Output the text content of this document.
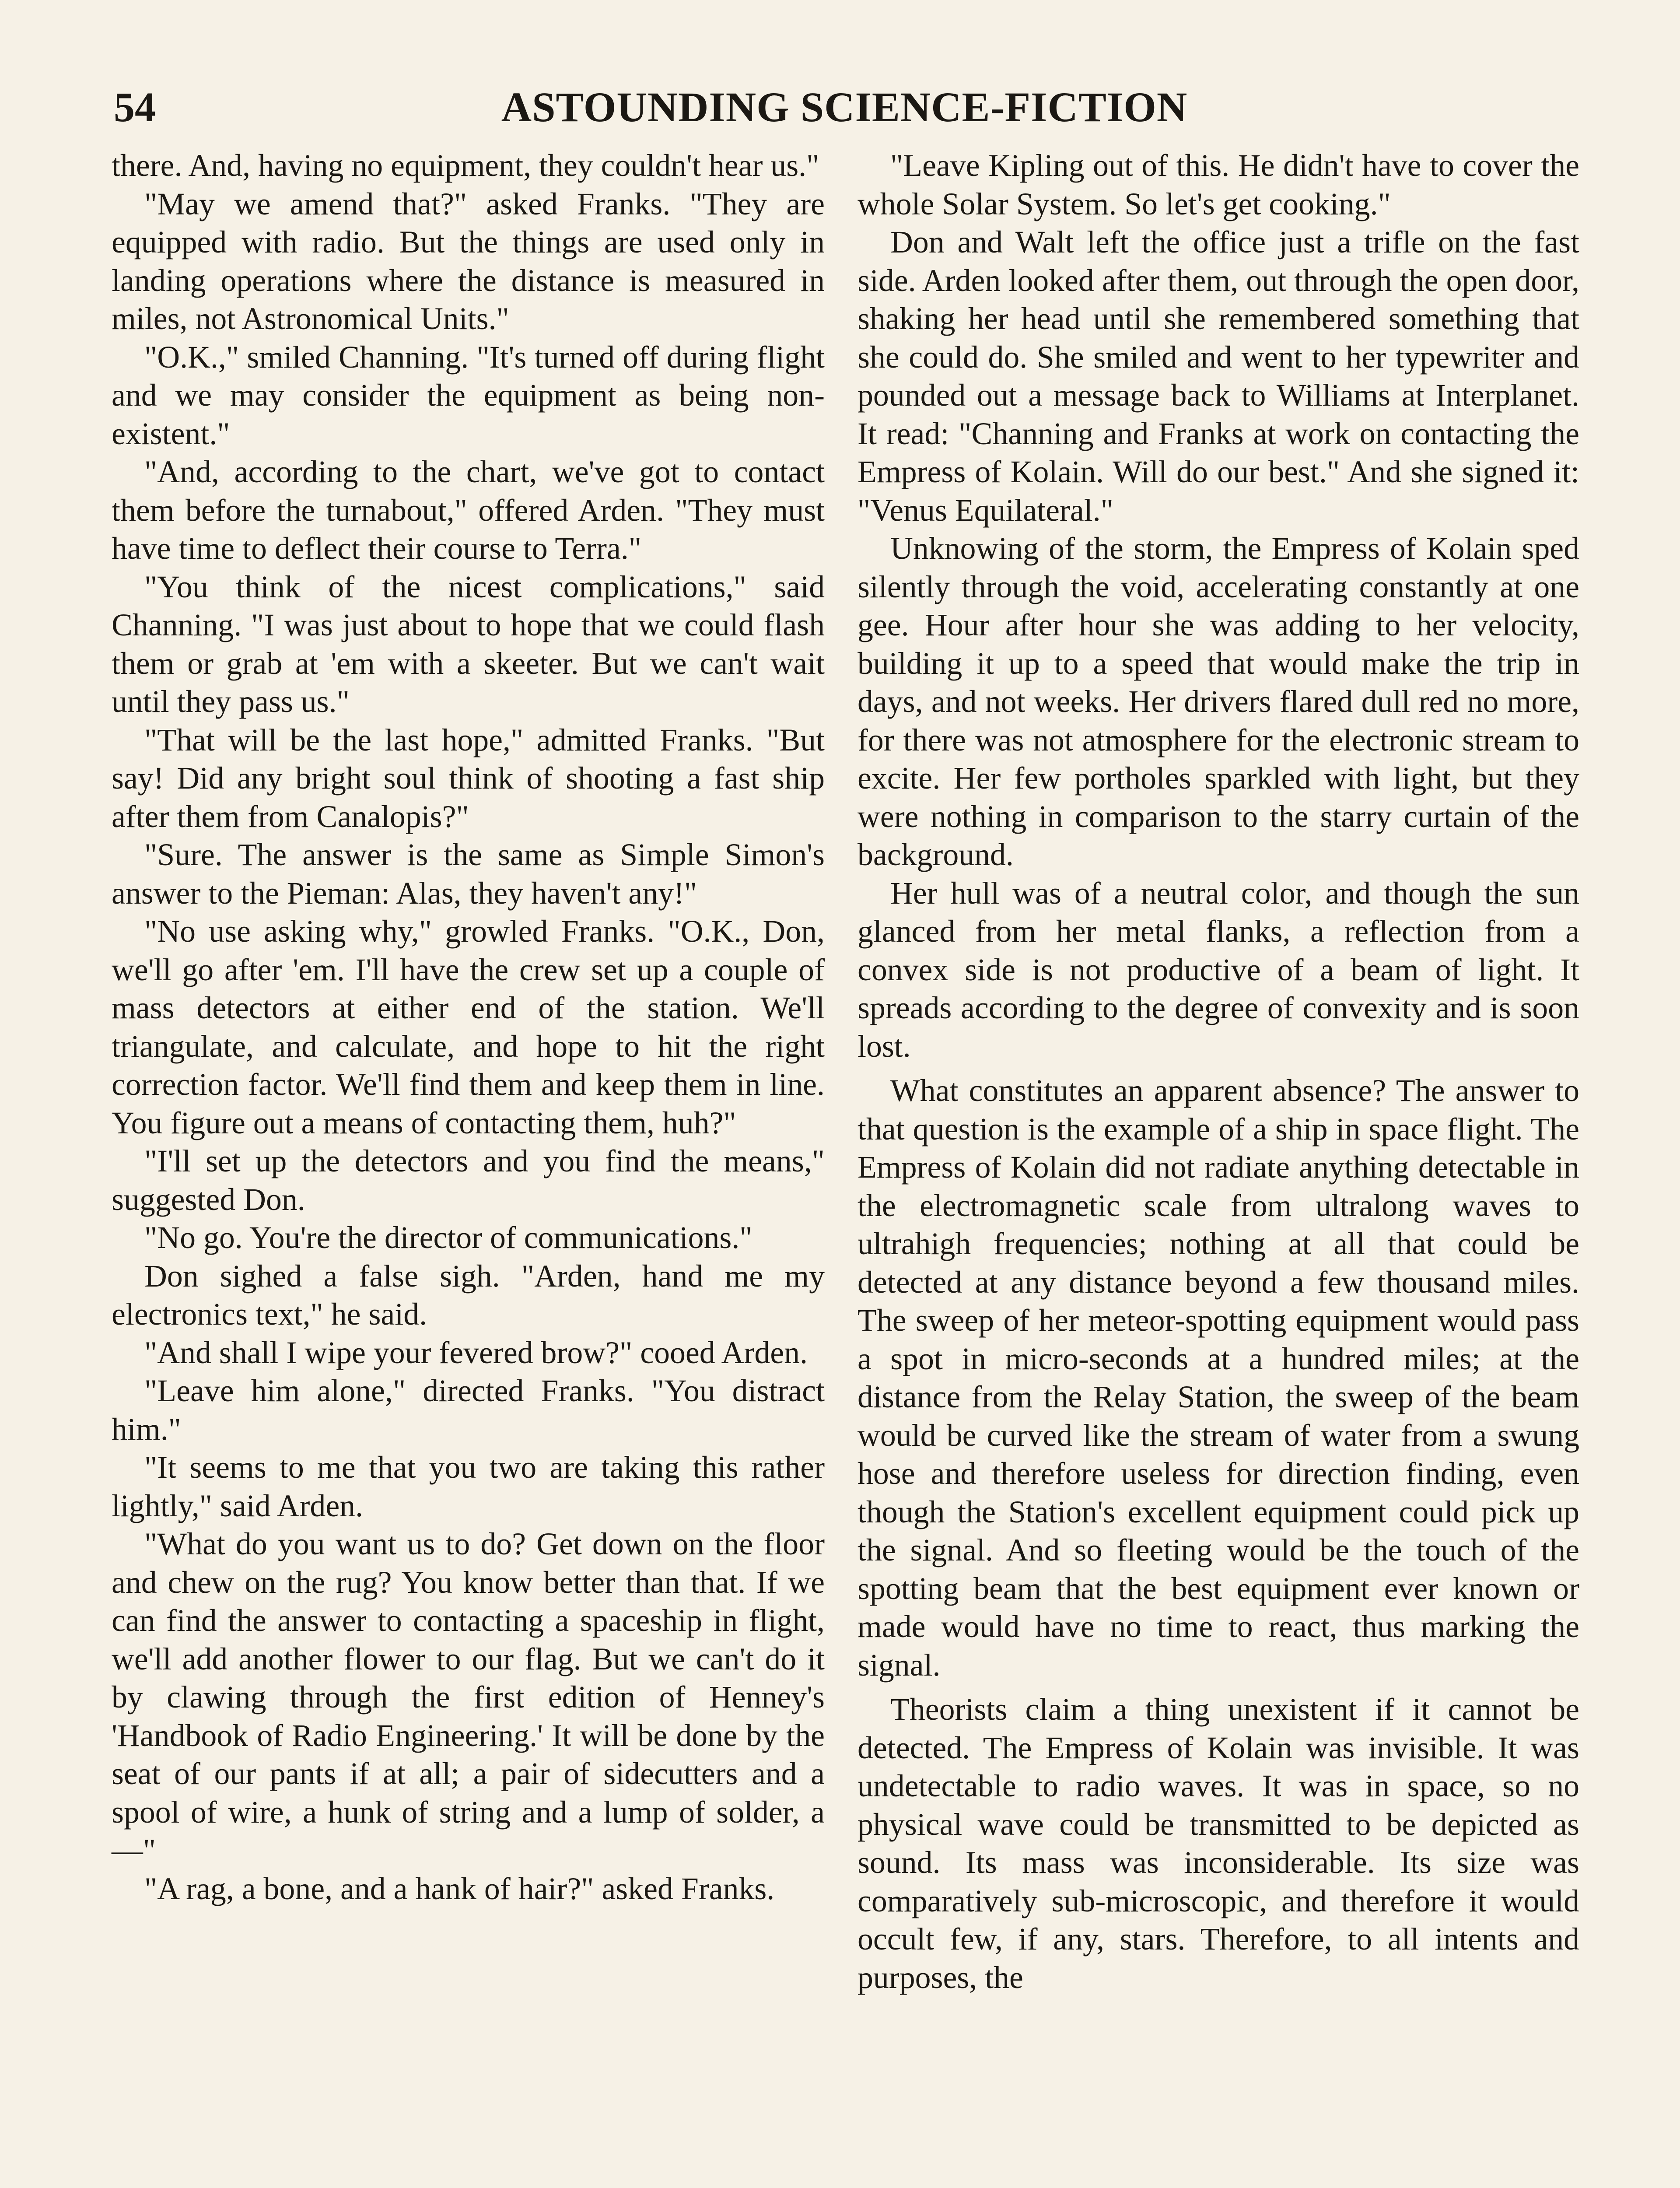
54	ASTOUNDING SCIENCE-FICTION

there. And, having no equipment, they couldn't hear us."

"May we amend that?" asked Franks. "They are equipped with radio. But the things are used only in landing operations where the distance is measured in miles, not Astronomical Units."

"O.K.," smiled Channing. "It's turned off during flight and we may consider the equipment as being non-existent."

"And, according to the chart, we've got to contact them before the turnabout," offered Arden. "They must have time to deflect their course to Terra."

"You think of the nicest complications," said Channing. "I was just about to hope that we could flash them or grab at 'em with a skeeter. But we can't wait until they pass us."

"That will be the last hope," admitted Franks. "But say! Did any bright soul think of shooting a fast ship after them from Canalopis?"

"Sure. The answer is the same as Simple Simon's answer to the Pieman: Alas, they haven't any!"

"No use asking why," growled Franks. "O.K., Don, we'll go after 'em. I'll have the crew set up a couple of mass detectors at either end of the station. We'll triangulate, and calculate, and hope to hit the right correction factor. We'll find them and keep them in line. You figure out a means of contacting them, huh?"

"I'll set up the detectors and you find the means," suggested Don.

"No go. You're the director of communications."

Don sighed a false sigh. "Arden, hand me my electronics text," he said.

"And shall I wipe your fevered brow?" cooed Arden.

"Leave him alone," directed Franks. "You distract him."

"It seems to me that you two are taking this rather lightly," said Arden.

"What do you want us to do? Get down on the floor and chew on the rug? You know better than that. If we can find the answer to contacting a spaceship in flight, we'll add another flower to our flag. But we can't do it by clawing through the first edition of Henney's 'Handbook of Radio Engineering.' It will be done by the seat of our pants if at all; a pair of sidecutters and a spool of wire, a hunk of string and a lump of solder, a—"

"A rag, a bone, and a hank of hair?" asked Franks.

"Leave Kipling out of this. He didn't have to cover the whole Solar System. So let's get cooking."

Don and Walt left the office just a trifle on the fast side. Arden looked after them, out through the open door, shaking her head until she remembered something that she could do. She smiled and went to her typewriter and pounded out a message back to Williams at Interplanet. It read: "Channing and Franks at work on contacting the Empress of Kolain. Will do our best." And she signed it: "Venus Equilateral."

Unknowing of the storm, the Empress of Kolain sped silently through the void, accelerating constantly at one gee. Hour after hour she was adding to her velocity, building it up to a speed that would make the trip in days, and not weeks. Her drivers flared dull red no more, for there was not atmosphere for the electronic stream to excite. Her few portholes sparkled with light, but they were nothing in comparison to the starry curtain of the background.

Her hull was of a neutral color, and though the sun glanced from her metal flanks, a reflection from a convex side is not productive of a beam of light. It spreads according to the degree of convexity and is soon lost.

What constitutes an apparent absence? The answer to that question is the example of a ship in space flight. The Empress of Kolain did not radiate anything detectable in the electromagnetic scale from ultralong waves to ultrahigh frequencies; nothing at all that could be detected at any distance beyond a few thousand miles. The sweep of her meteor-spotting equipment would pass a spot in micro-seconds at a hundred miles; at the distance from the Relay Station, the sweep of the beam would be curved like the stream of water from a swung hose and therefore useless for direction finding, even though the Station's excellent equipment could pick up the signal. And so fleeting would be the touch of the spotting beam that the best equipment ever known or made would have no time to react, thus marking the signal.

Theorists claim a thing unexistent if it cannot be detected. The Empress of Kolain was invisible. It was undetectable to radio waves. It was in space, so no physical wave could be transmitted to be depicted as sound. Its mass was inconsiderable. Its size was comparatively sub-microscopic, and therefore it would occult few, if any, stars. Therefore, to all intents and purposes, the
